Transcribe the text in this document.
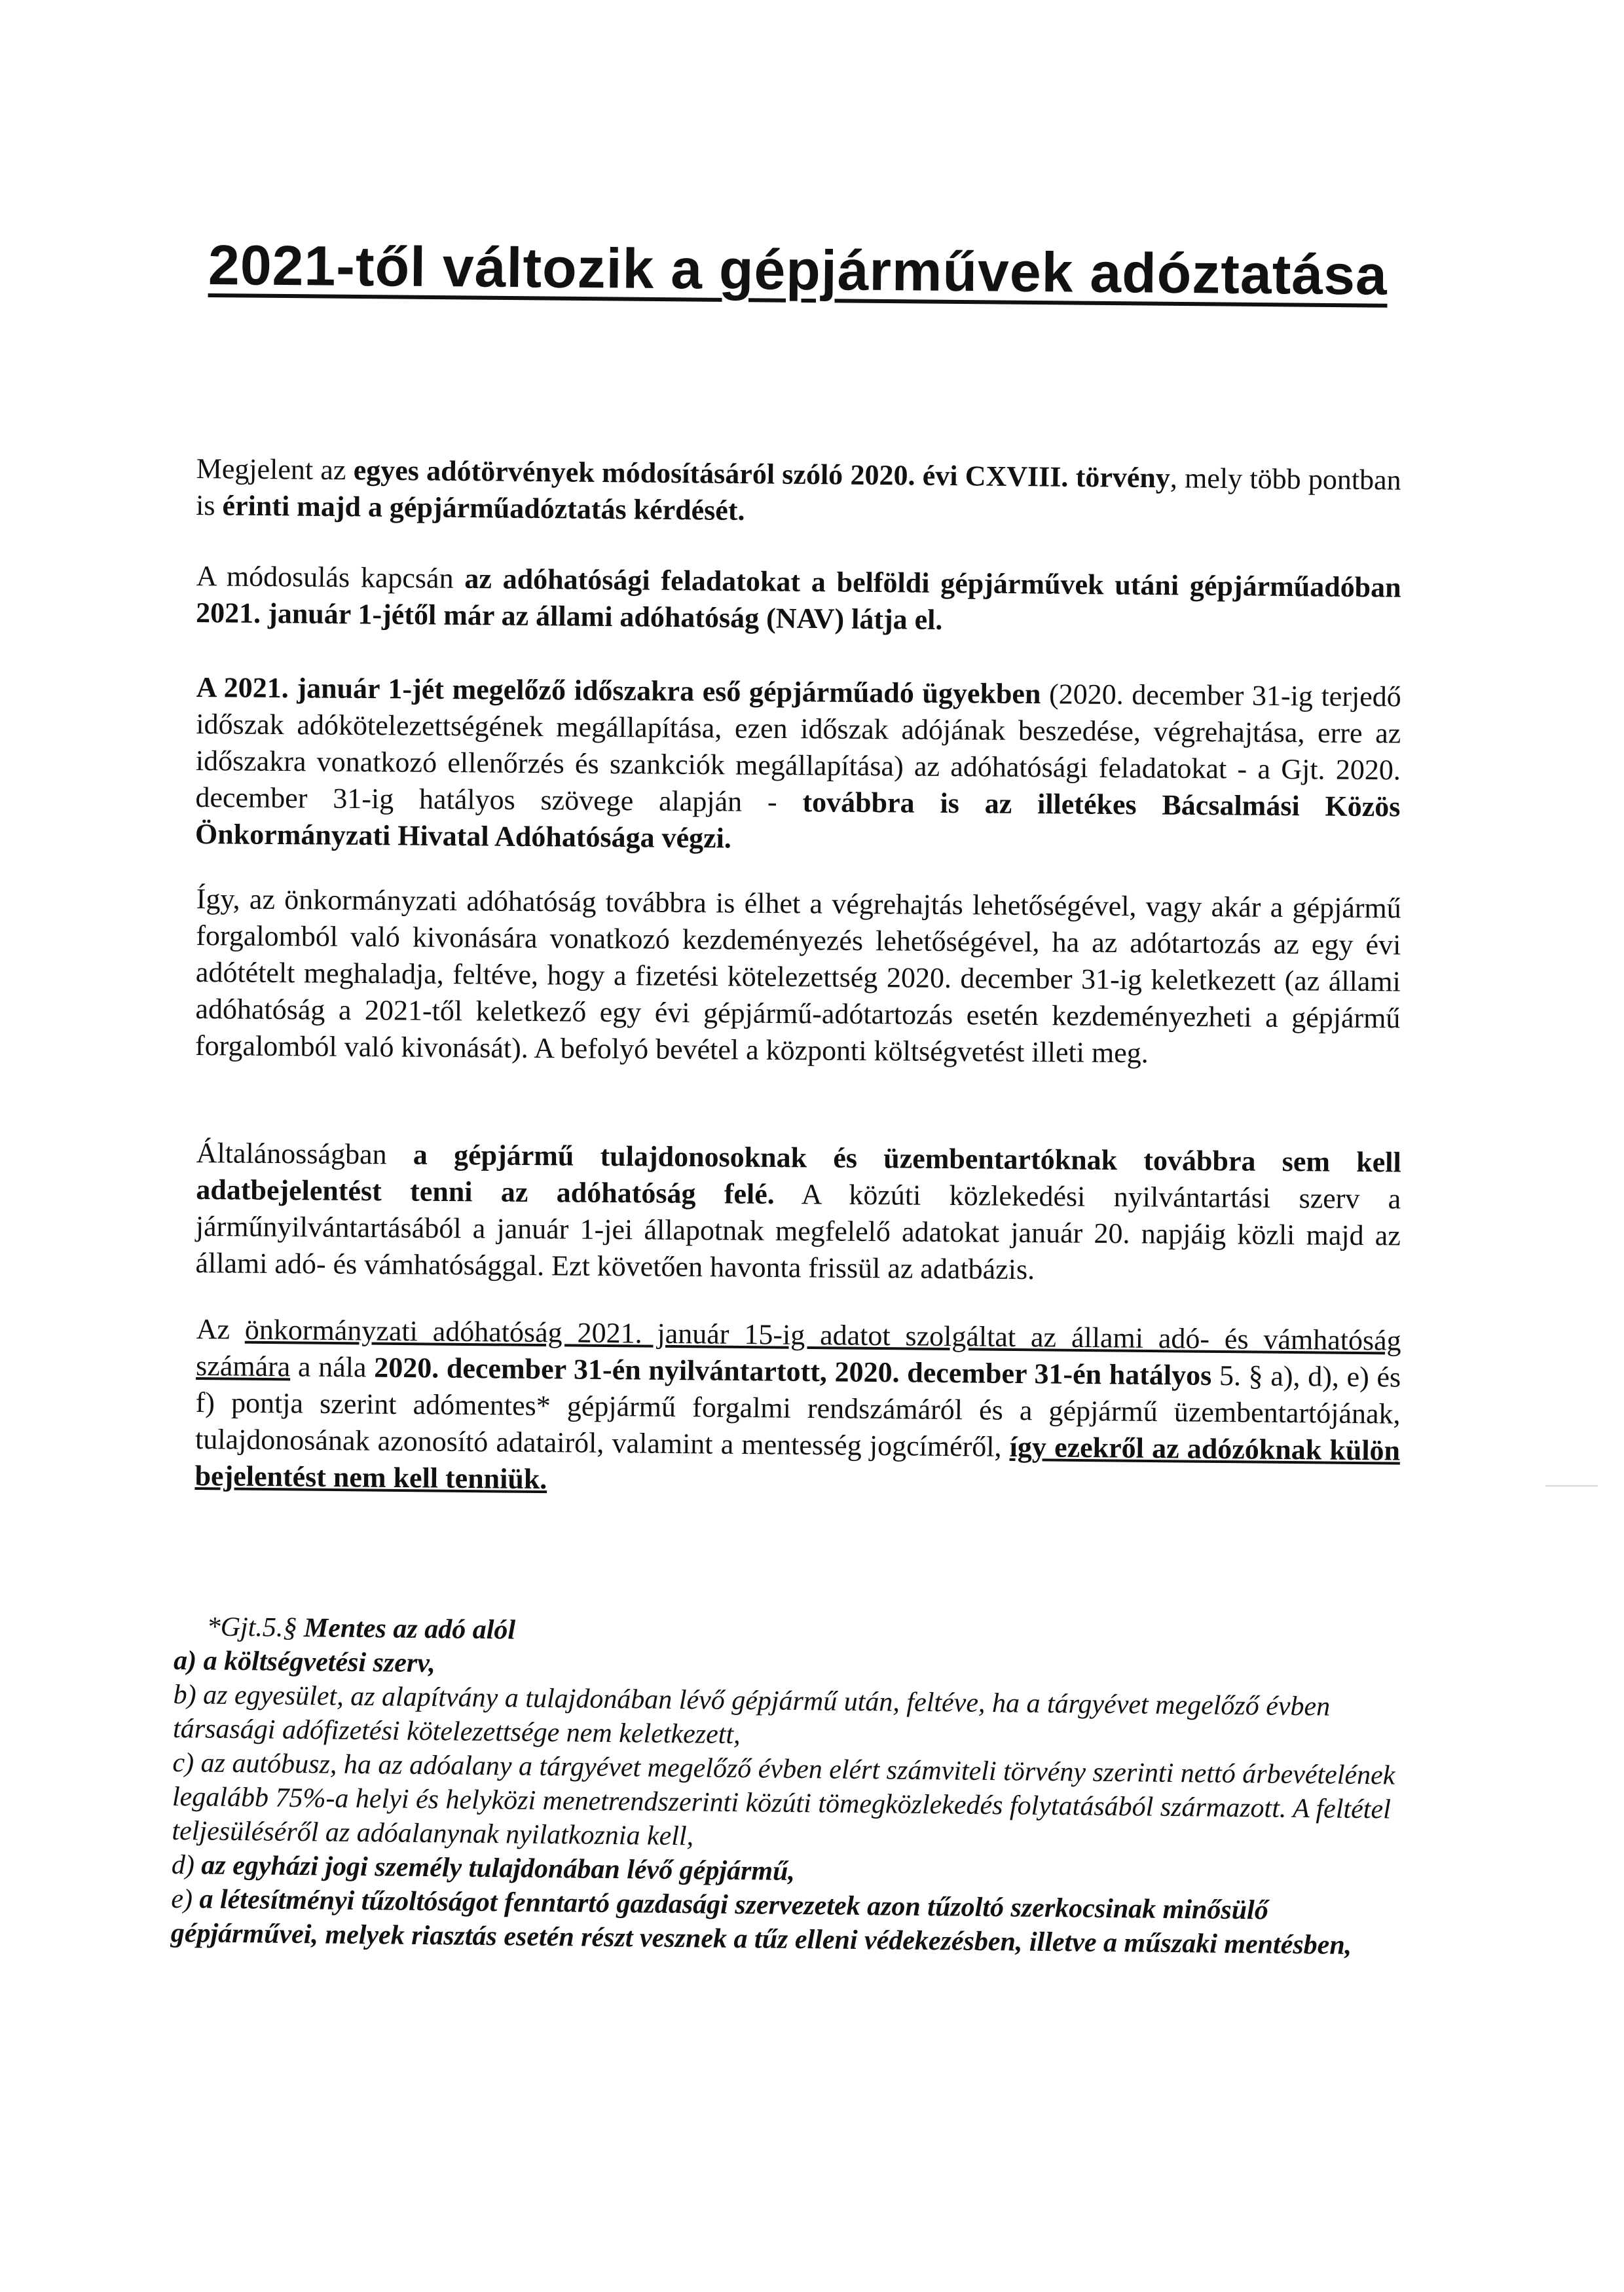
2021-től változik a gépjárművek adóztatása
Megjelent az egyes adótörvények módosításáról szóló 2020. évi CXVIII. törvény, mely több pontban is érinti majd a gépjárműadóztatás kérdését.
A módosulás kapcsán az adóhatósági feladatokat a belföldi gépjárművek utáni gépjárműadóban 2021. január 1-jétől már az állami adóhatóság (NAV) látja el.
A 2021. január 1-jét megelőző időszakra eső gépjárműadó ügyekben (2020. december 31-ig terjedő időszak adókötelezettségének megállapítása, ezen időszak adójának beszedése, végrehajtása, erre az időszakra vonatkozó ellenőrzés és szankciók megállapítása) az adóhatósági feladatokat - a Gjt. 2020. december 31-ig hatályos szövege alapján - továbbra is az illetékes Bácsalmási Közös Önkormányzati Hivatal Adóhatósága végzi.
Így, az önkormányzati adóhatóság továbbra is élhet a végrehajtás lehetőségével, vagy akár a gépjármű forgalomból való kivonására vonatkozó kezdeményezés lehetőségével, ha az adótartozás az egy évi adótételt meghaladja, feltéve, hogy a fizetési kötelezettség 2020. december 31-ig keletkezett (az állami adóhatóság a 2021-től keletkező egy évi gépjármű-adótartozás esetén kezdeményezheti a gépjármű forgalomból való kivonását). A befolyó bevétel a központi költségvetést illeti meg.
Általánosságban a gépjármű tulajdonosoknak és üzembentartóknak továbbra sem kell adatbejelentést tenni az adóhatóság felé. A közúti közlekedési nyilvántartási szerv a járműnyilvántartásából a január 1-jei állapotnak megfelelő adatokat január 20. napjáig közli majd az állami adó- és vámhatósággal. Ezt követően havonta frissül az adatbázis.
Az önkormányzati adóhatóság 2021. január 15-ig adatot szolgáltat az állami adó- és vámhatóság számára a nála 2020. december 31-én nyilvántartott, 2020. december 31-én hatályos 5. § a), d), e) és f) pontja szerint adómentes* gépjármű forgalmi rendszámáról és a gépjármű üzembentartójának, tulajdonosának azonosító adatairól, valamint a mentesség jogcíméről, így ezekről az adózóknak külön bejelentést nem kell tenniük.
*Gjt.5.§ Mentes az adó alól
a) a költségvetési szerv,
b) az egyesület, az alapítvány a tulajdonában lévő gépjármű után, feltéve, ha a tárgyévet megelőző évben társasági adófizetési kötelezettsége nem keletkezett,
c) az autóbusz, ha az adóalany a tárgyévet megelőző évben elért számviteli törvény szerinti nettó árbevételének legalább 75%-a helyi és helyközi menetrendszerinti közúti tömegközlekedés folytatásából származott. A feltétel teljesüléséről az adóalanynak nyilatkoznia kell,
d) az egyházi jogi személy tulajdonában lévő gépjármű,
e) a létesítményi tűzoltóságot fenntartó gazdasági szervezetek azon tűzoltó szerkocsinak minősülő gépjárművei, melyek riasztás esetén részt vesznek a tűz elleni védekezésben, illetve a műszaki mentésben,
